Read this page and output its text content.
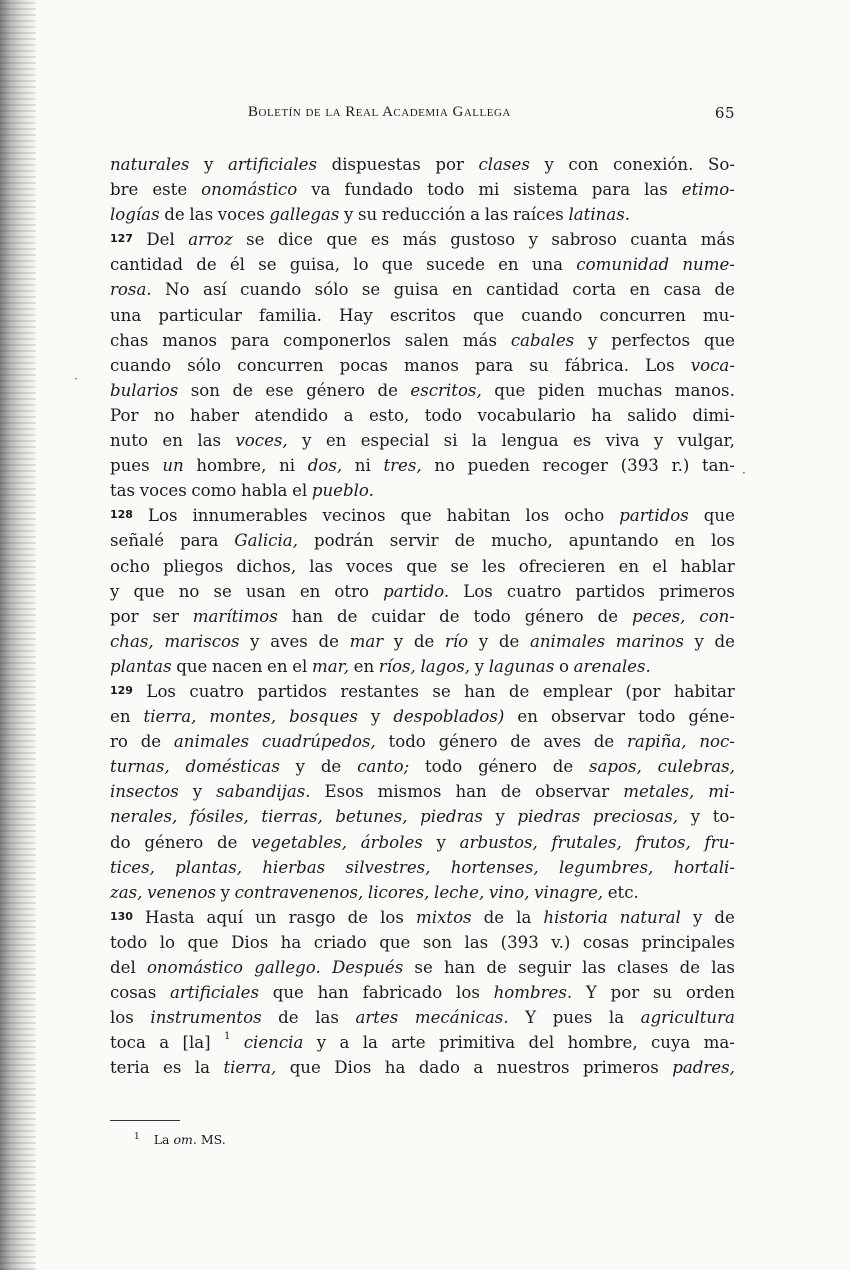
·
·
Boletín de la Real Academia Gallega	65
naturales y artificiales dispuestas por clases y con conexión. So-
bre este onomástico va fundado todo mi sistema para las etimo-
logías de las voces gallegas y su reducción a las raíces latinas.
127 Del arroz se dice que es más gustoso y sabroso cuanta más
cantidad de él se guisa, lo que sucede en una comunidad nume-
rosa. No así cuando sólo se guisa en cantidad corta en casa de
una particular familia. Hay escritos que cuando concurren mu-
chas manos para componerlos salen más cabales y perfectos que
cuando sólo concurren pocas manos para su fábrica. Los voca-
bularios son de ese género de escritos, que piden muchas manos.
Por no haber atendido a esto, todo vocabulario ha salido dimi-
nuto en las voces, y en especial si la lengua es viva y vulgar,
pues un hombre, ni dos, ni tres, no pueden recoger (393 r.) tan-
tas voces como habla el pueblo.
128 Los innumerables vecinos que habitan los ocho partidos que
señalé para Galicia, podrán servir de mucho, apuntando en los
ocho pliegos dichos, las voces que se les ofrecieren en el hablar
y que no se usan en otro partido. Los cuatro partidos primeros
por ser marítimos han de cuidar de todo género de peces, con-
chas, mariscos y aves de mar y de río y de animales marinos y de
plantas que nacen en el mar, en ríos, lagos, y lagunas o arenales.
129 Los cuatro partidos restantes se han de emplear (por habitar
en tierra, montes, bosques y despoblados) en observar todo géne-
ro de animales cuadrúpedos, todo género de aves de rapiña, noc-
turnas, domésticas y de canto; todo género de sapos, culebras,
insectos y sabandijas. Esos mismos han de observar metales, mi-
nerales, fósiles, tierras, betunes, piedras y piedras preciosas, y to-
do género de vegetables, árboles y arbustos, frutales, frutos, fru-
tices, plantas, hierbas silvestres, hortenses, legumbres, hortali-
zas, venenos y contravenenos, licores, leche, vino, vinagre, etc.
130 Hasta aquí un rasgo de los mixtos de la historia natural y de
todo lo que Dios ha criado que son las (393 v.) cosas principales
del onomástico gallego. Después se han de seguir las clases de las
cosas artificiales que han fabricado los hombres. Y por su orden
los instrumentos de las artes mecánicas. Y pues la agricultura
toca a [la] 1 ciencia y a la arte primitiva del hombre, cuya ma-
teria es la tierra, que Dios ha dado a nuestros primeros padres,
$^1$ La om. MS.
